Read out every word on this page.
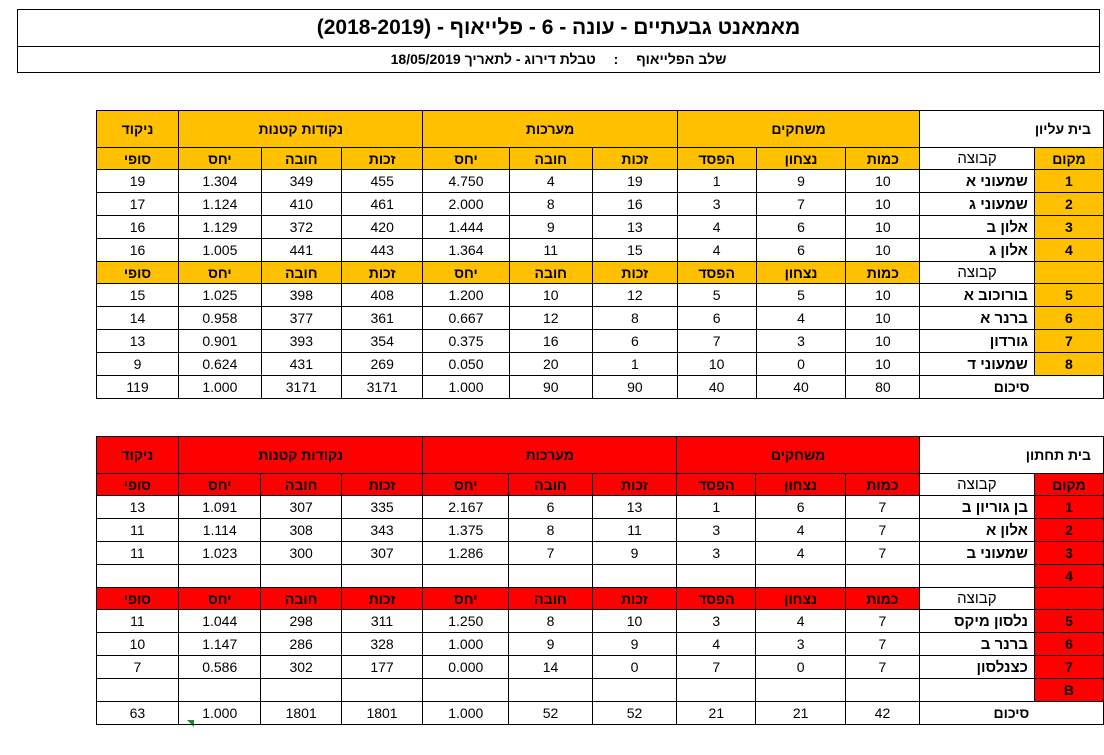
מאמאנט גבעתיים - עונה - 6 - פלייאוף - (2018-2019)
שלב הפלייאוף : טבלת דירוג - לתאריך 18/05/2019
בית עליון		משחקים			מערכות			נקודות קטנות			ניקוד
מקום	קבוצה	כמות	נצחון	הפסד	זכות	חובה	יחס	זכות	חובה	יחס	סופי
1	שמעוני א	10	9	1	19	4	4.750	455	349	1.304	19
2	שמעוני ג	10	7	3	16	8	2.000	461	410	1.124	17
3	אלון ב	10	6	4	13	9	1.444	420	372	1.129	16
4	אלון ג	10	6	4	15	11	1.364	443	441	1.005	16
	קבוצה	כמות	נצחון	הפסד	זכות	חובה	יחס	זכות	חובה	יחס	סופי
5	בורוכוב א	10	5	5	12	10	1.200	408	398	1.025	15
6	ברנר א	10	4	6	8	12	0.667	361	377	0.958	14
7	גורדון	10	3	7	6	16	0.375	354	393	0.901	13
8	שמעוני ד	10	0	10	1	20	0.050	269	431	0.624	9
סיכום		80	40	40	90	90	1.000	3171	3171	1.000	119
בית תחתון		משחקים			מערכות			נקודות קטנות			ניקוד
מקום	קבוצה	כמות	נצחון	הפסד	זכות	חובה	יחס	זכות	חובה	יחס	סופי
1	בן גוריון ב	7	6	1	13	6	2.167	335	307	1.091	13
2	אלון א	7	4	3	11	8	1.375	343	308	1.114	11
3	שמעוני ב	7	4	3	9	7	1.286	307	300	1.023	11
4											
	קבוצה	כמות	נצחון	הפסד	זכות	חובה	יחס	זכות	חובה	יחס	סופי
5	נלסון מיקס	7	4	3	10	8	1.250	311	298	1.044	11
6	ברנר ב	7	3	4	9	9	1.000	328	286	1.147	10
7	כצנלסון	7	0	7	0	14	0.000	177	302	0.586	7
B											
סיכום		42	21	21	52	52	1.000	1801	1801	1.000	63
